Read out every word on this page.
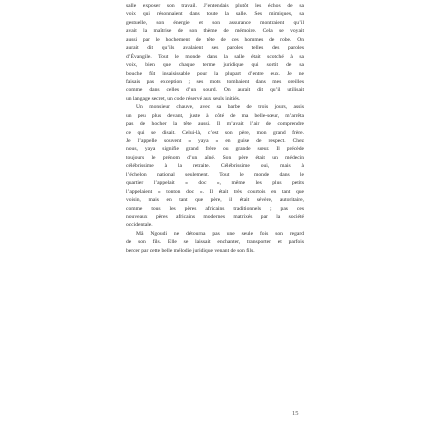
salle exposer son travail. J’entendais plutôt les échos de sa
voix qui résonnaient dans toute la salle. Ses mimiques, sa
gestuelle, son énergie et son assurance montraient qu’il
avait la maîtrise de son thème de mémoire. Cela se voyait
aussi par le hochement de tête de ces hommes de robe. On
aurait dit qu’ils avalaient ses paroles telles des paroles
d’Évangile. Tout le monde dans la salle était scotché à sa
voix, bien que chaque terme juridique qui sortit de sa
bouche fût insaisissable pour la plupart d’entre eux. Je ne
faisais pas exception ; ses mots tombaient dans mes oreilles
comme dans celles d’un sourd. On aurait dit qu’il utilisait
un langage secret, un code réservé aux seuls initiés.
Un monsieur chauve, avec sa barbe de trois jours, assis
un peu plus devant, juste à côté de ma belle-sœur, m’arrêta
pas de hocher la tête aussi. Il m’avait l’air de comprendre
ce qui se disait. Celui-là, c’est son père, mon grand frère.
Je l’appelle souvent « yaya » en guise de respect. Chez
nous, yaya signifie grand frère ou grande sœur. Il précède
toujours le prénom d’un aîné. Son père était un médecin
célébrissime à la retraite. Célébrissime oui, mais à
l’échelon national seulement. Tout le monde dans le
quartier l’appelait « doc », même les plus petits
l’appelaient « tonton doc ». Il était très courtois en tant que
voisin, mais en tant que père, il était sévère, autoritaire,
comme tous les pères africains traditionnels ; pas ces
nouveaux pères africains modernes matrixés par la société
occidentale.
Mâ Ngoudi ne détourna pas une seule fois son regard
de son fils. Elle se laissait enchanter, transporter et parfois
bercer par cette belle mélodie juridique venant de son fils.
15
